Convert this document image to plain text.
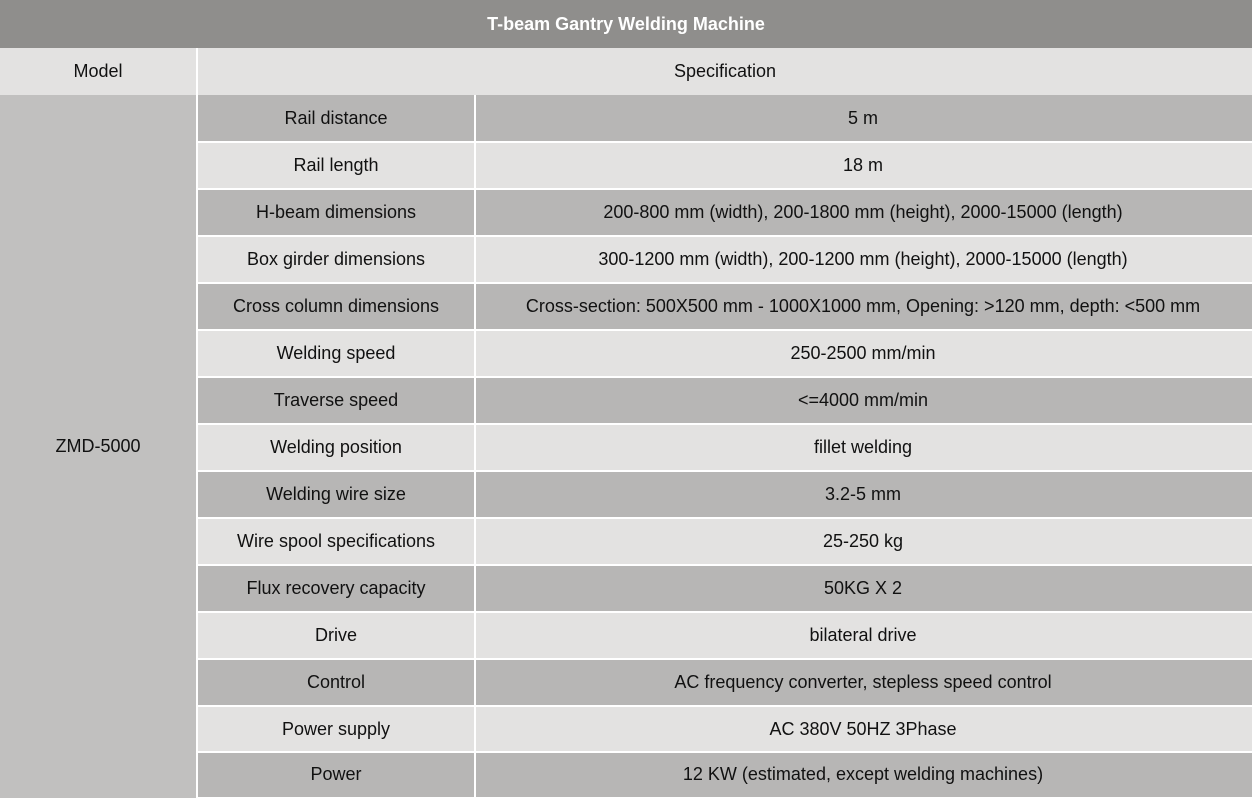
T-beam Gantry Welding Machine
Model	Specification
ZMD-5000
Rail distance	5 m
Rail length	18 m
H-beam dimensions	200-800 mm (width), 200-1800 mm (height), 2000-15000 (length)
Box girder dimensions	300-1200 mm (width), 200-1200 mm (height), 2000-15000 (length)
Cross column dimensions	Cross-section: 500X500 mm - 1000X1000 mm, Opening: >120 mm, depth: <500 mm
Welding speed	250-2500 mm/min
Traverse speed	<=4000 mm/min
Welding position	fillet welding
Welding wire size	3.2-5 mm
Wire spool specifications	25-250 kg
Flux recovery capacity	50KG X 2
Drive	bilateral drive
Control	AC frequency converter, stepless speed control
Power supply	AC 380V 50HZ 3Phase
Power	12 KW (estimated, except welding machines)
